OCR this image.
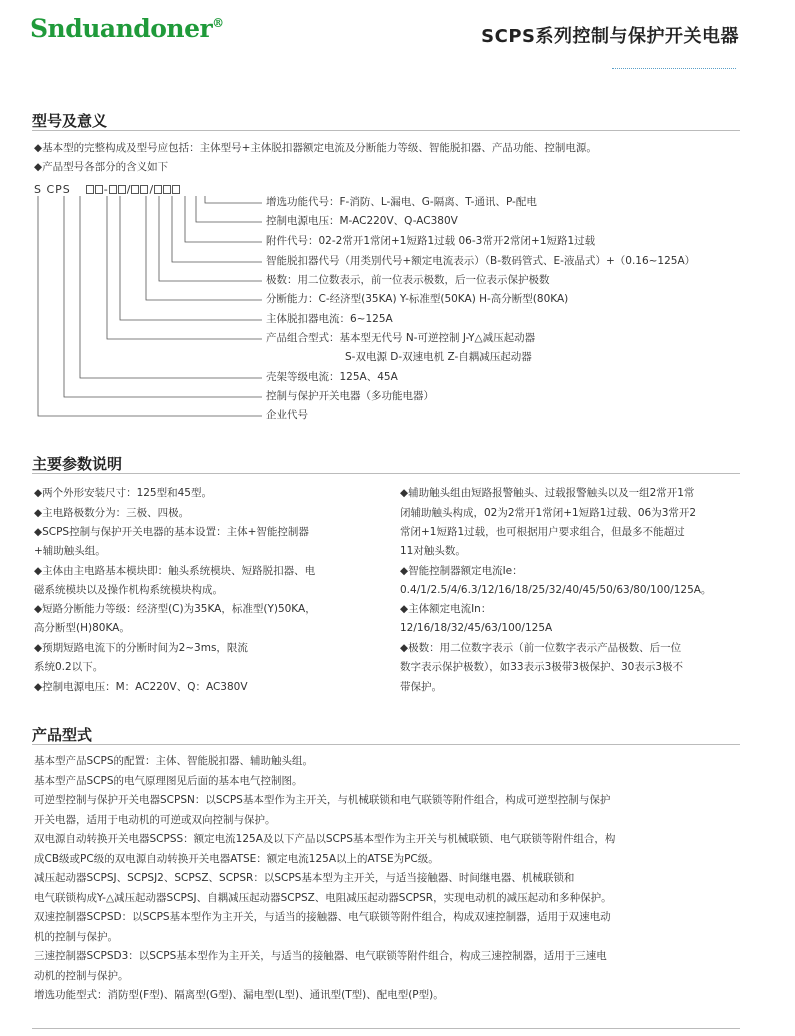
Snduandoner®
SCPS系列控制与保护开关电器
型号及意义
◆基本型的完整构成及型号应包括：主体型号+主体脱扣器额定电流及分断能力等级、智能脱扣器、产品功能、控制电源。
◆产品型号各部分的含义如下
S CPS	- / /
增选功能代号：F-消防、L-漏电、G-隔离、T-通讯、P-配电
控制电源电压：M-AC220V、Q-AC380V
附件代号：02-2常开1常闭+1短路1过载 06-3常开2常闭+1短路1过载
智能脱扣器代号（用类别代号+额定电流表示）（B-数码管式、E-液晶式）+（0.16~125A）
极数：用二位数表示，前一位表示极数，后一位表示保护极数
分断能力：C-经济型(35KA) Y-标准型(50KA) H-高分断型(80KA)
主体脱扣器电流：6~125A
产品组合型式：基本型无代号 N-可逆控制 J-Y△减压起动器
S-双电源 D-双速电机 Z-自耦减压起动器
壳架等级电流：125A、45A
控制与保护开关电器（多功能电器）
企业代号
主要参数说明
◆两个外形安装尺寸：125型和45型。
◆主电路极数分为：三极、四极。
◆SCPS控制与保护开关电器的基本设置：主体+智能控制器
+辅助触头组。
◆主体由主电路基本模块即：触头系统模块、短路脱扣器、电
磁系统模块以及操作机构系统模块构成。
◆短路分断能力等级：经济型(C)为35KA，标准型(Y)50KA，
高分断型(H)80KA。
◆预期短路电流下的分断时间为2~3ms，限流
系统0.2以下。
◆控制电源电压：M：AC220V、Q：AC380V
◆辅助触头组由短路报警触头、过载报警触头以及一组2常开1常
闭辅助触头构成，02为2常开1常闭+1短路1过载、06为3常开2
常闭+1短路1过载，也可根据用户要求组合，但最多不能超过
11对触头数。
◆智能控制器额定电流Ie：
0.4/1/2.5/4/6.3/12/16/18/25/32/40/45/50/63/80/100/125A。
◆主体额定电流In：
12/16/18/32/45/63/100/125A
◆极数：用二位数字表示（前一位数字表示产品极数、后一位
数字表示保护极数），如33表示3极带3极保护、30表示3极不
带保护。
产品型式
基本型产品SCPS的配置：主体、智能脱扣器、辅助触头组。
基本型产品SCPS的电气原理图见后面的基本电气控制图。
可逆型控制与保护开关电器SCPSN：以SCPS基本型作为主开关，与机械联锁和电气联锁等附件组合，构成可逆型控制与保护
开关电器，适用于电动机的可逆或双向控制与保护。
双电源自动转换开关电器SCPSS：额定电流125A及以下产品以SCPS基本型作为主开关与机械联锁、电气联锁等附件组合，构
成CB级或PC级的双电源自动转换开关电器ATSE：额定电流125A以上的ATSE为PC级。
减压起动器SCPSJ、SCPSJ2、SCPSZ、SCPSR：以SCPS基本型为主开关，与适当接触器、时间继电器、机械联锁和
电气联锁构成Y-△减压起动器SCPSJ、自耦减压起动器SCPSZ、电阻减压起动器SCPSR，实现电动机的减压起动和多种保护。
双速控制器SCPSD：以SCPS基本型作为主开关，与适当的接触器、电气联锁等附件组合，构成双速控制器，适用于双速电动
机的控制与保护。
三速控制器SCPSD3：以SCPS基本型作为主开关，与适当的接触器、电气联锁等附件组合，构成三速控制器，适用于三速电
动机的控制与保护。
增选功能型式：消防型(F型)、隔离型(G型)、漏电型(L型)、通讯型(T型)、配电型(P型)。
